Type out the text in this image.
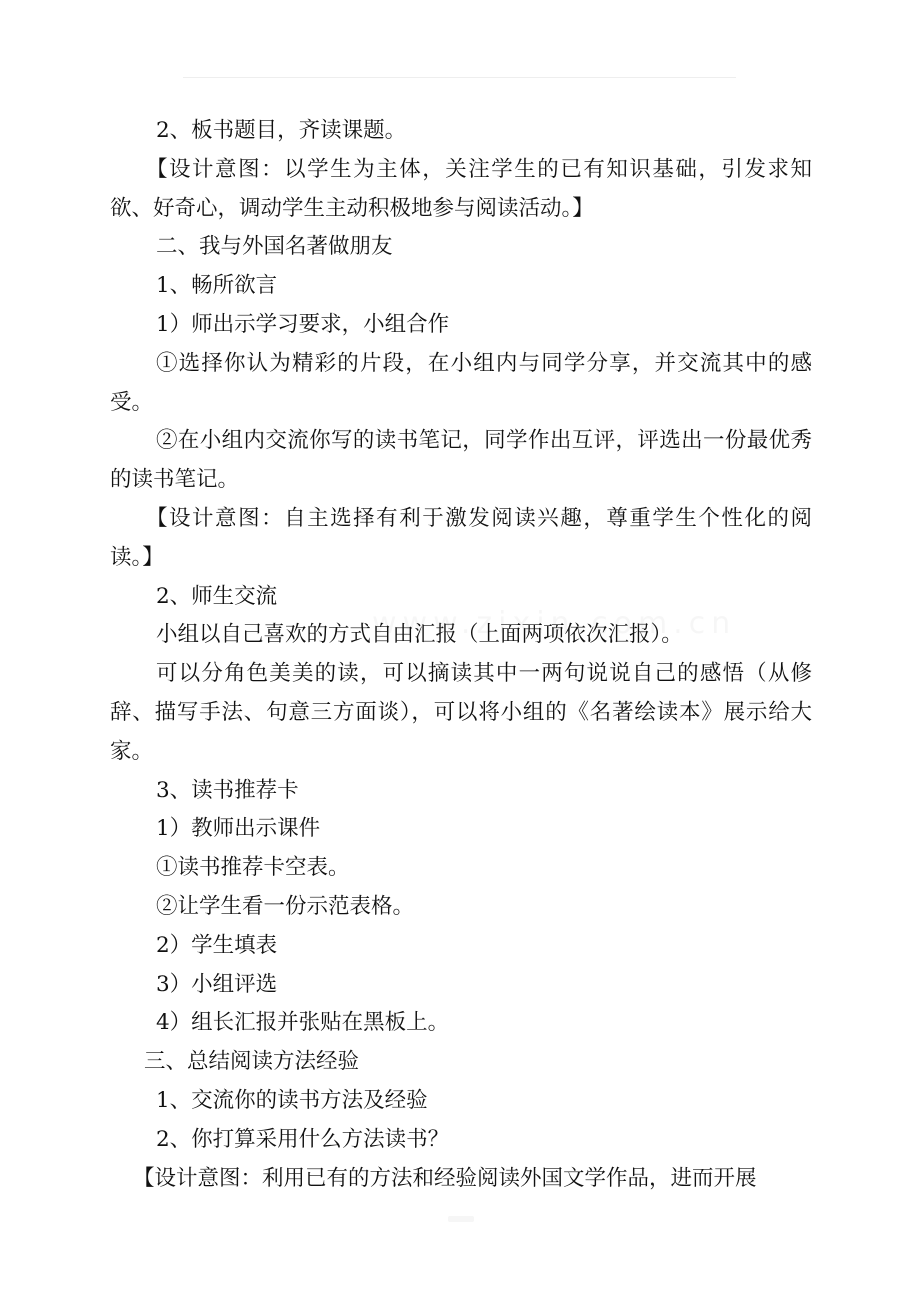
2、板书题目，齐读课题。

【设计意图：以学生为主体，关注学生的已有知识基础，引发求知欲、好奇心，调动学生主动积极地参与阅读活动。】

二、我与外国名著做朋友

1、畅所欲言

1）师出示学习要求，小组合作

①选择你认为精彩的片段，在小组内与同学分享，并交流其中的感受。

②在小组内交流你写的读书笔记，同学作出互评，评选出一份最优秀的读书笔记。

【设计意图：自主选择有利于激发阅读兴趣，尊重学生个性化的阅读。】

2、师生交流

小组以自己喜欢的方式自由汇报（上面两项依次汇报）。

可以分角色美美的读，可以摘读其中一两句说说自己的感悟（从修辞、描写手法、句意三方面谈），可以将小组的《名著绘读本》展示给大家。

3、读书推荐卡

1）教师出示课件

①读书推荐卡空表。

②让学生看一份示范表格。

2）学生填表

3）小组评选

4）组长汇报并张贴在黑板上。

三、总结阅读方法经验

1、交流你的读书方法及经验

2、你打算采用什么方法读书？

【设计意图：利用已有的方法和经验阅读外国文学作品，进而开展
